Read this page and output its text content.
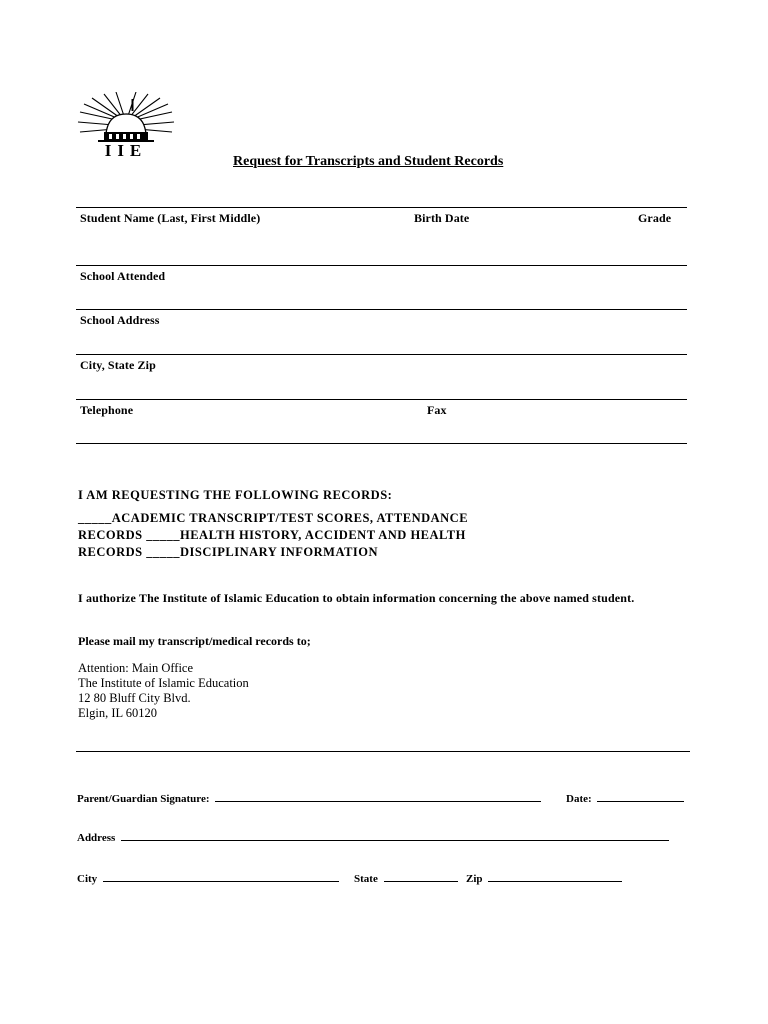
IIE
Request for Transcripts and Student Records
Student Name (Last, First Middle)	Birth Date	Grade
School Attended
School Address
City, State Zip
Telephone	Fax
I AM REQUESTING THE FOLLOWING RECORDS:
_____ACADEMIC TRANSCRIPT/TEST SCORES, ATTENDANCE
RECORDS _____HEALTH HISTORY, ACCIDENT AND HEALTH
RECORDS _____DISCIPLINARY INFORMATION
I authorize The Institute of Islamic Education to obtain information concerning the above named student.
Please mail my transcript/medical records to;
Attention: Main Office
The Institute of Islamic Education
12 80 Bluff City Blvd.
Elgin, IL 60120
Parent/Guardian Signature:	Date:
Address
City	State	Zip
